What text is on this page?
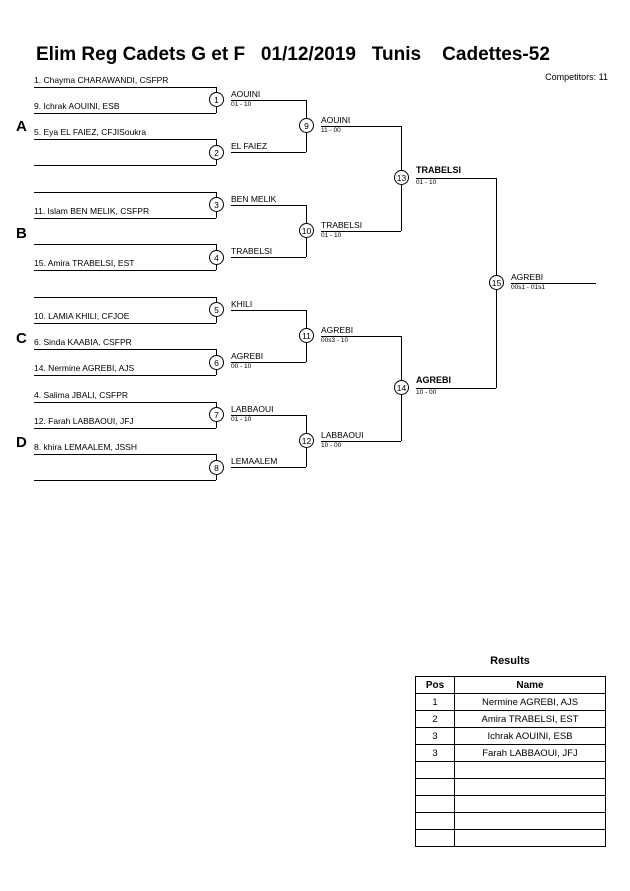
Elim Reg Cadets G et F   01/12/2019   Tunis    Cadettes-52
Competitors: 11
A
B
C
D
1. Chayma CHARAWANDI, CSFPR
9. Ichrak AOUINI, ESB
5. Eya EL FAIEZ, CFJISoukra
11. Islam BEN MELIK, CSFPR
15. Amira TRABELSI, EST
10. LAMIA KHILI, CFJOE
6. Sinda KAABIA, CSFPR
14. Nermine AGREBI, AJS
4. Salima JBALI, CSFPR
12. Farah LABBAOUI, JFJ
8. khira LEMAALEM, JSSH
1
2
3
4
5
6
7
8
9
10
11
12
13
14
15
AOUINI
01 - 10
EL FAIEZ
BEN MELIK
TRABELSI
KHILI
AGREBI
00 - 10
LABBAOUI
01 - 10
LEMAALEM
AOUINI
11 - 00
TRABELSI
01 - 10
AGREBI
00s3 - 10
LABBAOUI
10 - 00
TRABELSI
01 - 10
AGREBI
10 - 00
AGREBI
00s1 - 01s1
Results
Pos	Name
1	Nermine AGREBI, AJS
2	Amira TRABELSI, EST
3	Ichrak AOUINI, ESB
3	Farah LABBAOUI, JFJ
